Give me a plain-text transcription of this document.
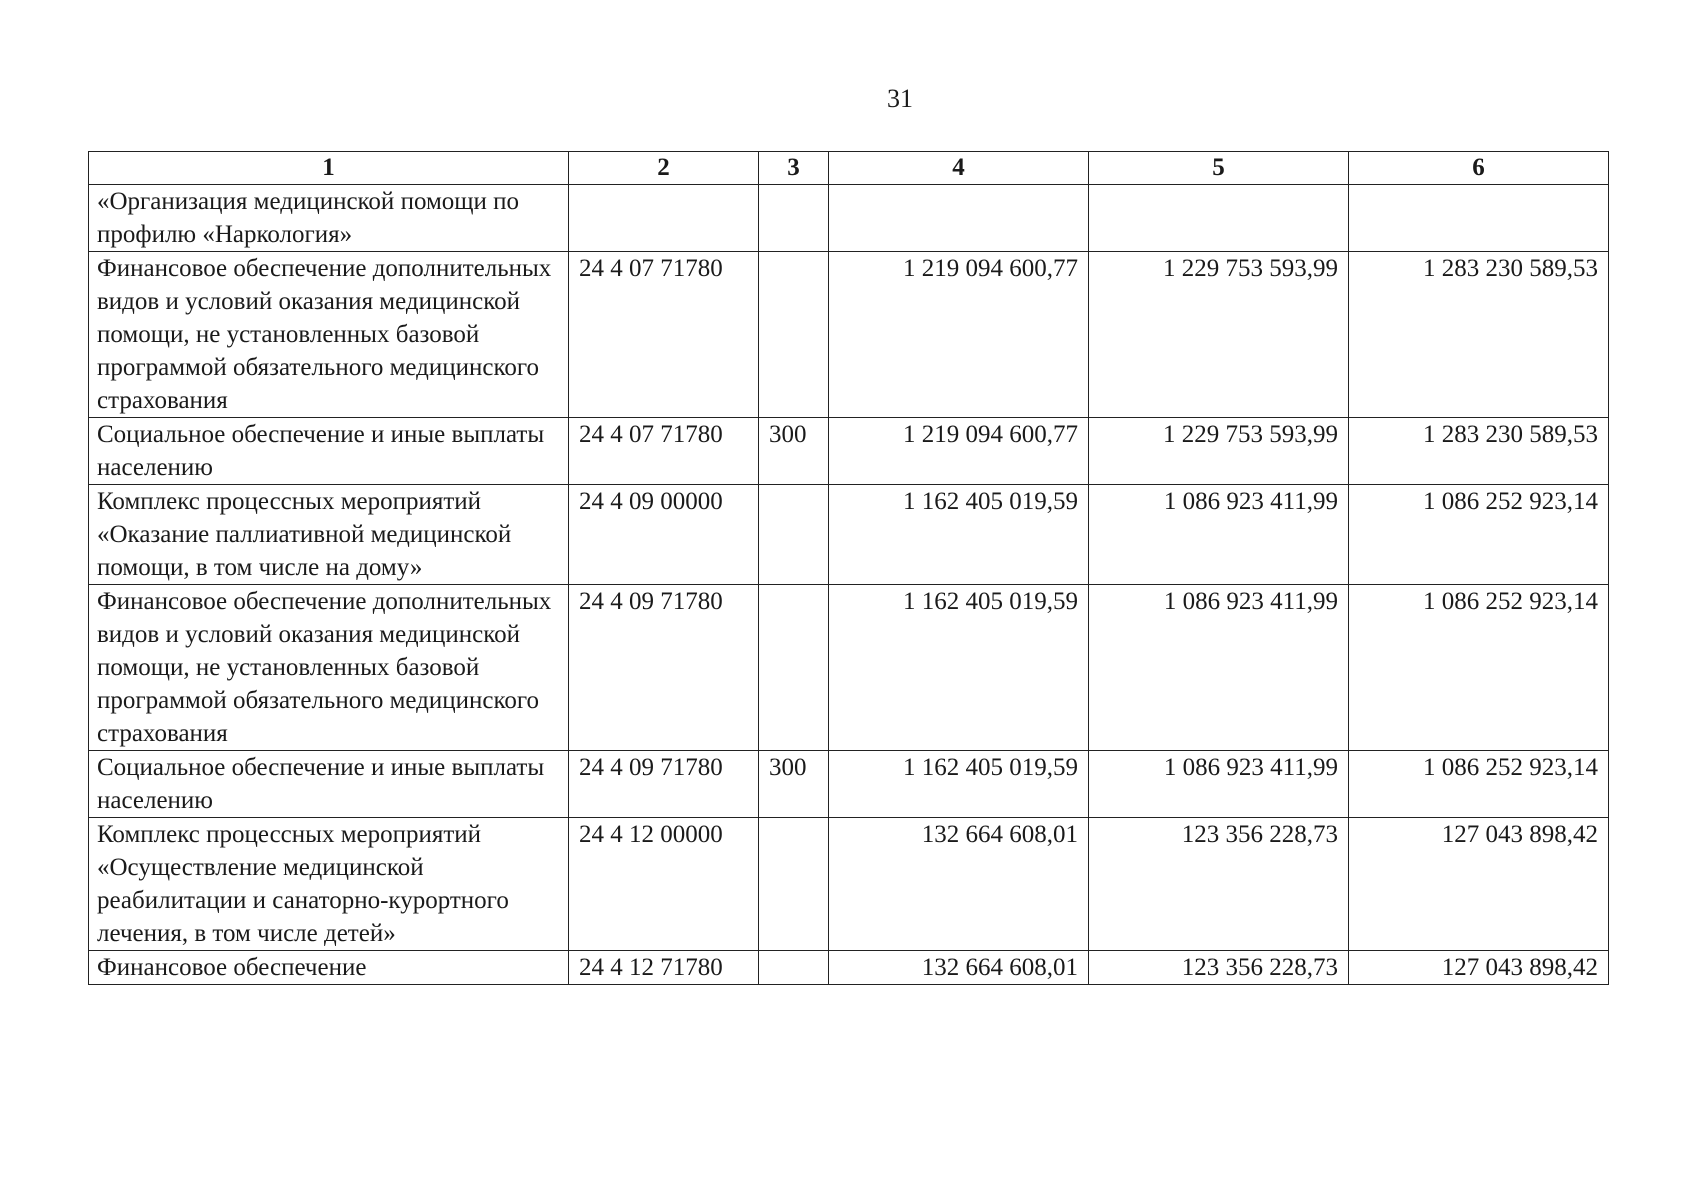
31
1	2	3	4	5	6
«Организация медицинской помощи по профилю «Наркология»					
Финансовое обеспечение дополнительных видов и условий оказания медицинской помощи, не установленных базовой программой обязательного медицинского страхования	24 4 07 71780		1 219 094 600,77	1 229 753 593,99	1 283 230 589,53
Социальное обеспечение и иные выплаты населению	24 4 07 71780	300	1 219 094 600,77	1 229 753 593,99	1 283 230 589,53
Комплекс процессных мероприятий «Оказание паллиативной медицинской помощи, в том числе на дому»	24 4 09 00000		1 162 405 019,59	1 086 923 411,99	1 086 252 923,14
Финансовое обеспечение дополнительных видов и условий оказания медицинской помощи, не установленных базовой программой обязательного медицинского страхования	24 4 09 71780		1 162 405 019,59	1 086 923 411,99	1 086 252 923,14
Социальное обеспечение и иные выплаты населению	24 4 09 71780	300	1 162 405 019,59	1 086 923 411,99	1 086 252 923,14
Комплекс процессных мероприятий «Осуществление медицинской реабилитации и санаторно-курортного лечения, в том числе детей»	24 4 12 00000		132 664 608,01	123 356 228,73	127 043 898,42
Финансовое обеспечение	24 4 12 71780		132 664 608,01	123 356 228,73	127 043 898,42
